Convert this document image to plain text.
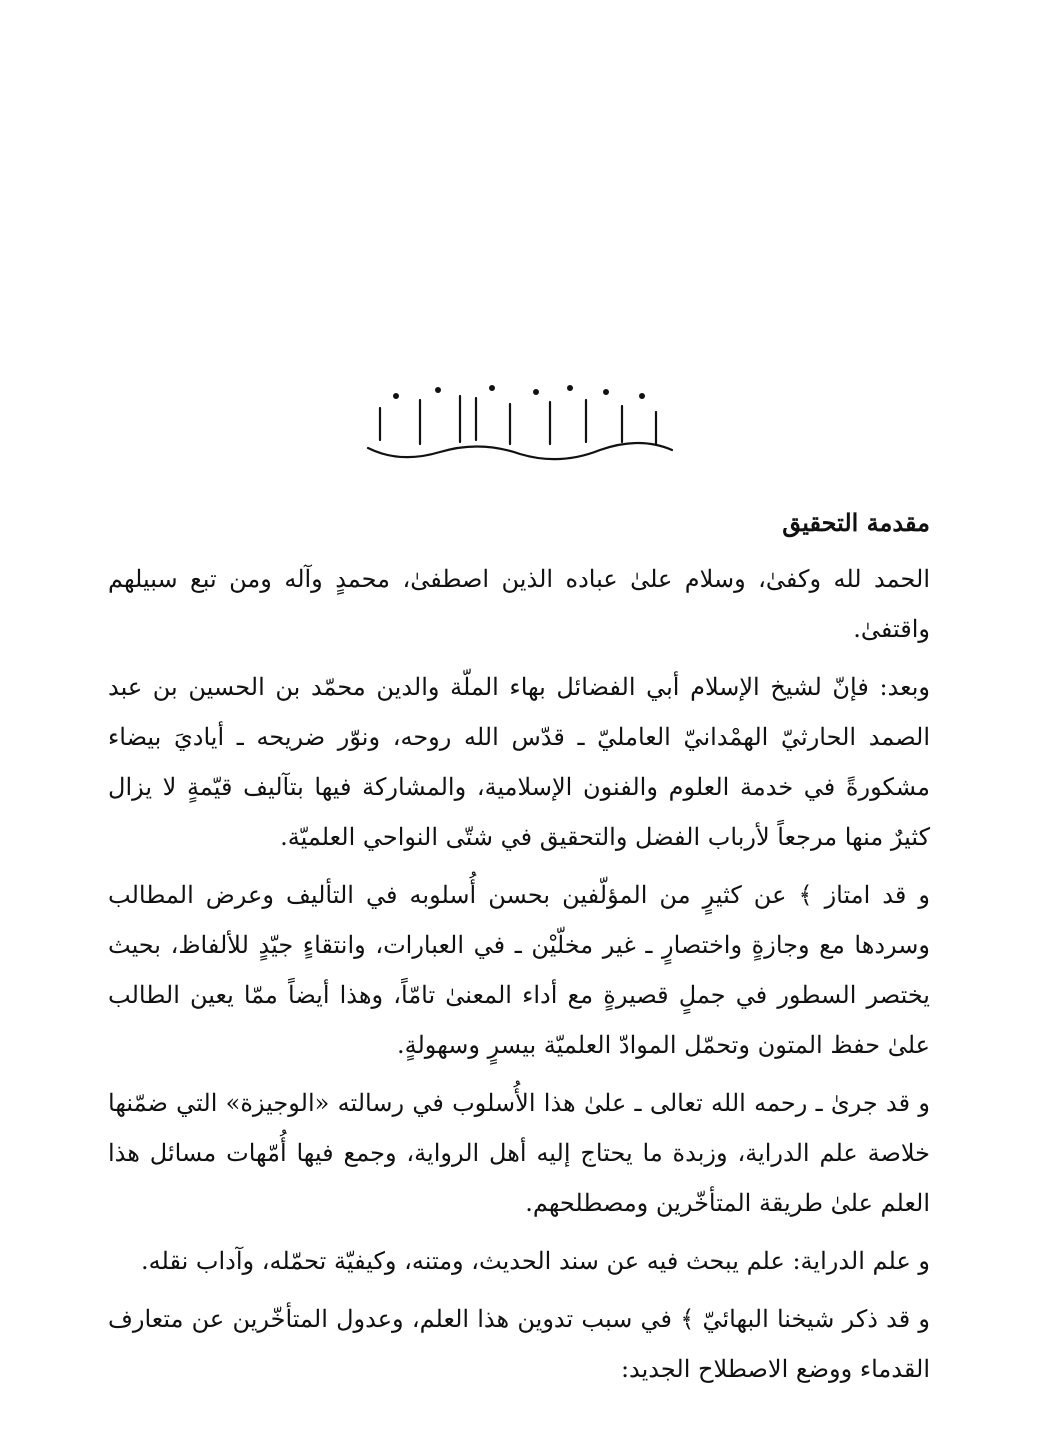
مقدمة التحقيق

الحمد لله وكفىٰ، وسلام علىٰ عباده الذين اصطفىٰ، محمدٍ وآله ومن تبع سبيلهم واقتفىٰ.

وبعد: فإنّ لشيخ الإسلام أبي الفضائل بهاء الملّة والدين محمّد بن الحسين بن عبد الصمد الحارثيّ الهمْدانيّ العامليّ ـ قدّس الله روحه، ونوّر ضريحه ـ أياديَ بيضاء مشكورةً في خدمة العلوم والفنون الإسلامية، والمشاركة فيها بتآليف قيّمةٍ لا يزال كثيرٌ منها مرجعاً لأرباب الفضل والتحقيق في شتّى النواحي العلميّة.

و قد امتاز ﴾ عن كثيرٍ من المؤلّفين بحسن أُسلوبه في التأليف وعرض المطالب وسردها مع وجازةٍ واختصارٍ ـ غير مخلّيْن ـ في العبارات، وانتقاءٍ جيّدٍ للألفاظ، بحيث يختصر السطور في جملٍ قصيرةٍ مع أداء المعنىٰ تامّاً، وهذا أيضاً ممّا يعين الطالب علىٰ حفظ المتون وتحمّل الموادّ العلميّة بيسرٍ وسهولةٍ.

و قد جرىٰ ـ رحمه الله تعالى ـ علىٰ هذا الأُسلوب في رسالته «الوجيزة» التي ضمّنها خلاصة علم الدراية، وزبدة ما يحتاج إليه أهل الرواية، وجمع فيها أُمّهات مسائل هذا العلم علىٰ طريقة المتأخّرين ومصطلحهم.

و علم الدراية: علم يبحث فيه عن سند الحديث، ومتنه، وكيفيّة تحمّله، وآداب نقله.

و قد ذكر شيخنا البهائيّ ﴾ في سبب تدوين هذا العلم، وعدول المتأخّرين عن متعارف القدماء ووضع الاصطلاح الجديد:
